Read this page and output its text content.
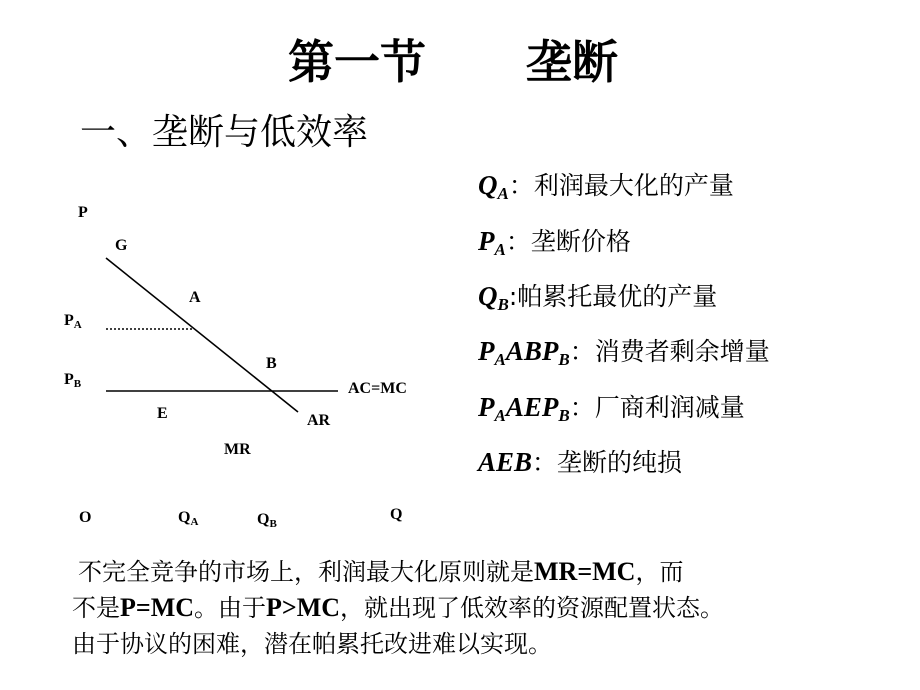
第一节 垄断
一、垄断与低效率
P
G
A
$P_A$
B
$P_B$	AC=MC
E	AR
MR
O	$Q_A$	$Q_B$
Q
$Q_A$：利润最大化的产量
$P_A$：垄断价格
$Q_B$:帕累托最优的产量
$P_AABP_B$：消费者剩余增量
$P_AAEP_B$：厂商利润减量
AEB：垄断的纯损
不完全竞争的市场上，利润最大化原则就是MR=MC，而
不是P=MC。由于P>MC，就出现了低效率的资源配置状态。
由于协议的困难，潜在帕累托改进难以实现。
